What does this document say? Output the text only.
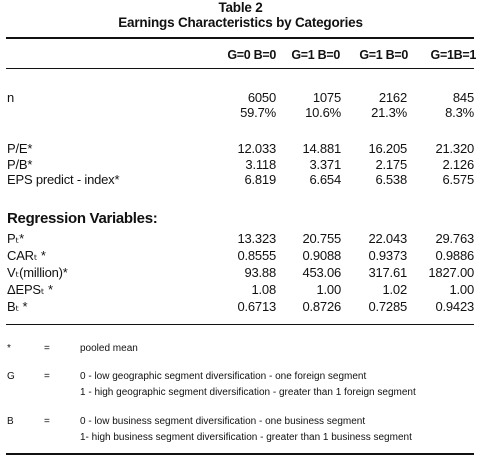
Table 2
Earnings Characteristics by Categories
G=0 B=0	G=1 B=0	G=1 B=0	G=1B=1
n	6050	1075	2162	845
59.7% 10.6% 21.3%	8.3%
P/E*	12.033 14.881 16.205 21.320
P/B*	3.118	3.371	2.175	2.126
EPS predict - index*	6.819	6.654	6.538	6.575
Regression Variables:
Pₜ*	13.323 20.755 22.043 29.763
CARₜ *	0.8555 0.9088 0.9373 0.9886
Vₜ(million)*	93.88 453.06 317.61 1827.00
ΔEPSₜ *	1.08	1.00	1.02	1.00
Bₜ *	0.6713 0.8726 0.7285 0.9423
*	=	pooled mean
G	=	0 - low geographic segment diversification - one foreign segment
1 - high geographic segment diversification - greater than 1 foreign segment
B	=	0 - low business segment diversification - one business segment
1- high business segment diversification - greater than 1 business segment
